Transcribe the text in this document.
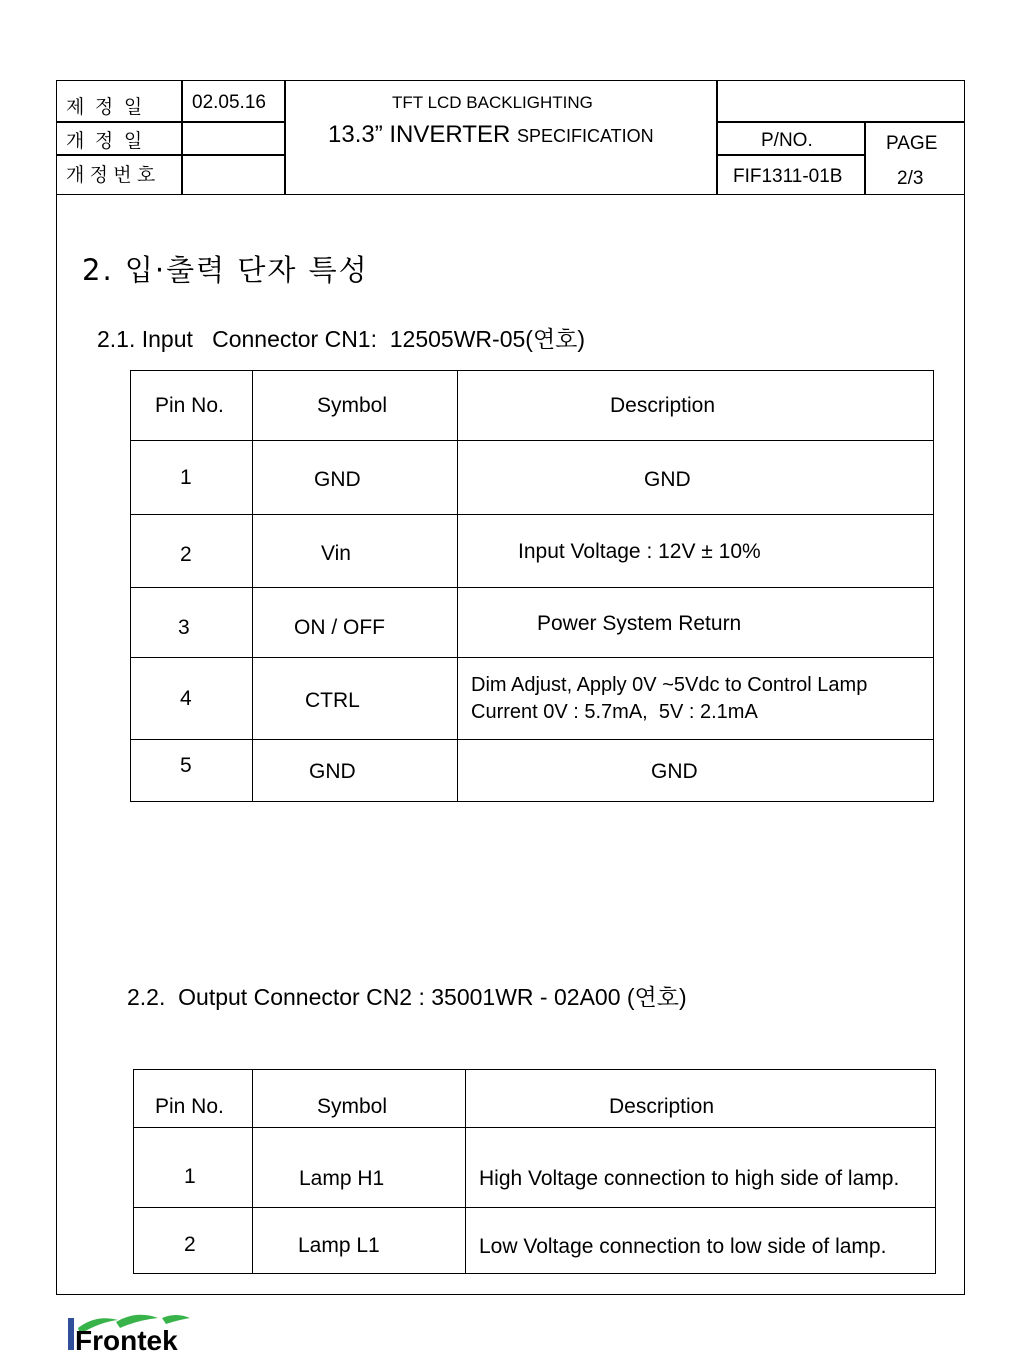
제  정  일	02.05.16
개  정  일
개 정 번 호
TFT LCD BACKLIGHTING
13.3” INVERTER SPECIFICATION	P/NO.
FIF1311-01B
PAGE
2/3
2. 입·출력 단자 특성
2.1. Input   Connector CN1:  12505WR-05(연호)
Pin No.	Symbol	Description

1	GND	GND

2	Vin	Input Voltage : 12V ± 10%

3	ON / OFF	Power System Return

4	CTRL	Dim Adjust, Apply 0V ~5Vdc to Control Lamp
Current 0V : 5.7mA,  5V : 2.1mA

5	GND	GND
2.2.  Output Connector CN2 : 35001WR - 02A00 (연호)
Pin No.	Symbol	Description

1	Lamp H1	High Voltage connection to high side of lamp.

2	Lamp L1	Low Voltage connection to low side of lamp.
Frontek
